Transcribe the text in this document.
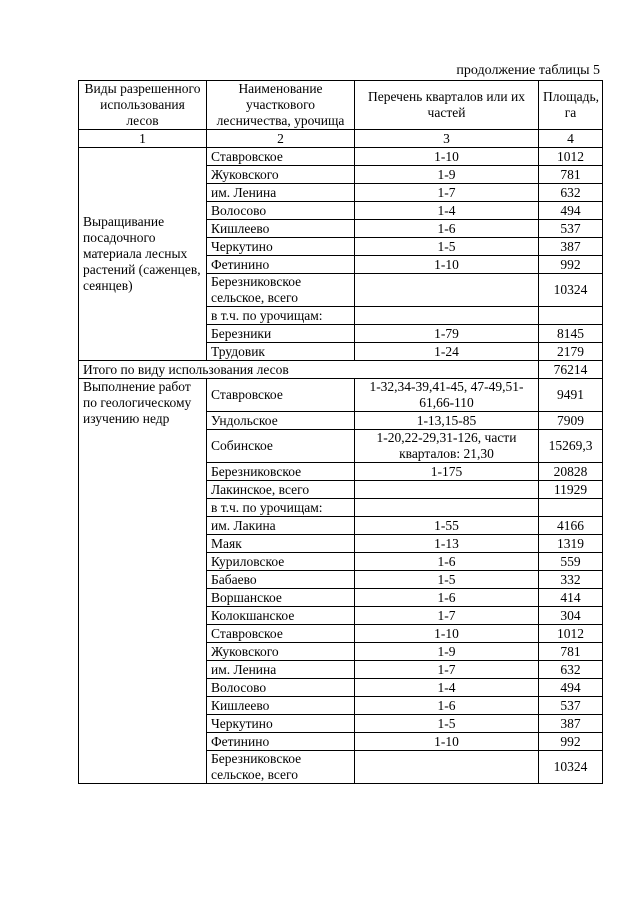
продолжение таблицы 5
Виды разрешенного использования лесов	Наименование участкового лесничества, урочища	Перечень кварталов или их частей	Площадь, га
1	2	3	4
Выращивание посадочного материала лесных растений (саженцев, сеянцев)	Ставровское	1-10	1012
	Жуковского	1-9	781
	им. Ленина	1-7	632
	Волосово	1-4	494
	Кишлеево	1-6	537
	Черкутино	1-5	387
	Фетинино	1-10	992
	Березниковское сельское, всего		10324
	в т.ч. по урочищам:		
	Березники	1-79	8145
	Трудовик	1-24	2179
Итого по виду использования лесов			76214
Выполнение работ по геологическому изучению недр	Ставровское	1-32,34-39,41-45, 47-49,51-61,66-110	9491
	Ундольское	1-13,15-85	7909
	Собинское	1-20,22-29,31-126, части кварталов: 21,30	15269,3
	Березниковское	1-175	20828
	Лакинское, всего		11929
	в т.ч. по урочищам:		
	им. Лакина	1-55	4166
	Маяк	1-13	1319
	Куриловское	1-6	559
	Бабаево	1-5	332
	Воршанское	1-6	414
	Колокшанское	1-7	304
	Ставровское	1-10	1012
	Жуковского	1-9	781
	им. Ленина	1-7	632
	Волосово	1-4	494
	Кишлеево	1-6	537
	Черкутино	1-5	387
	Фетинино	1-10	992
	Березниковское сельское, всего		10324
